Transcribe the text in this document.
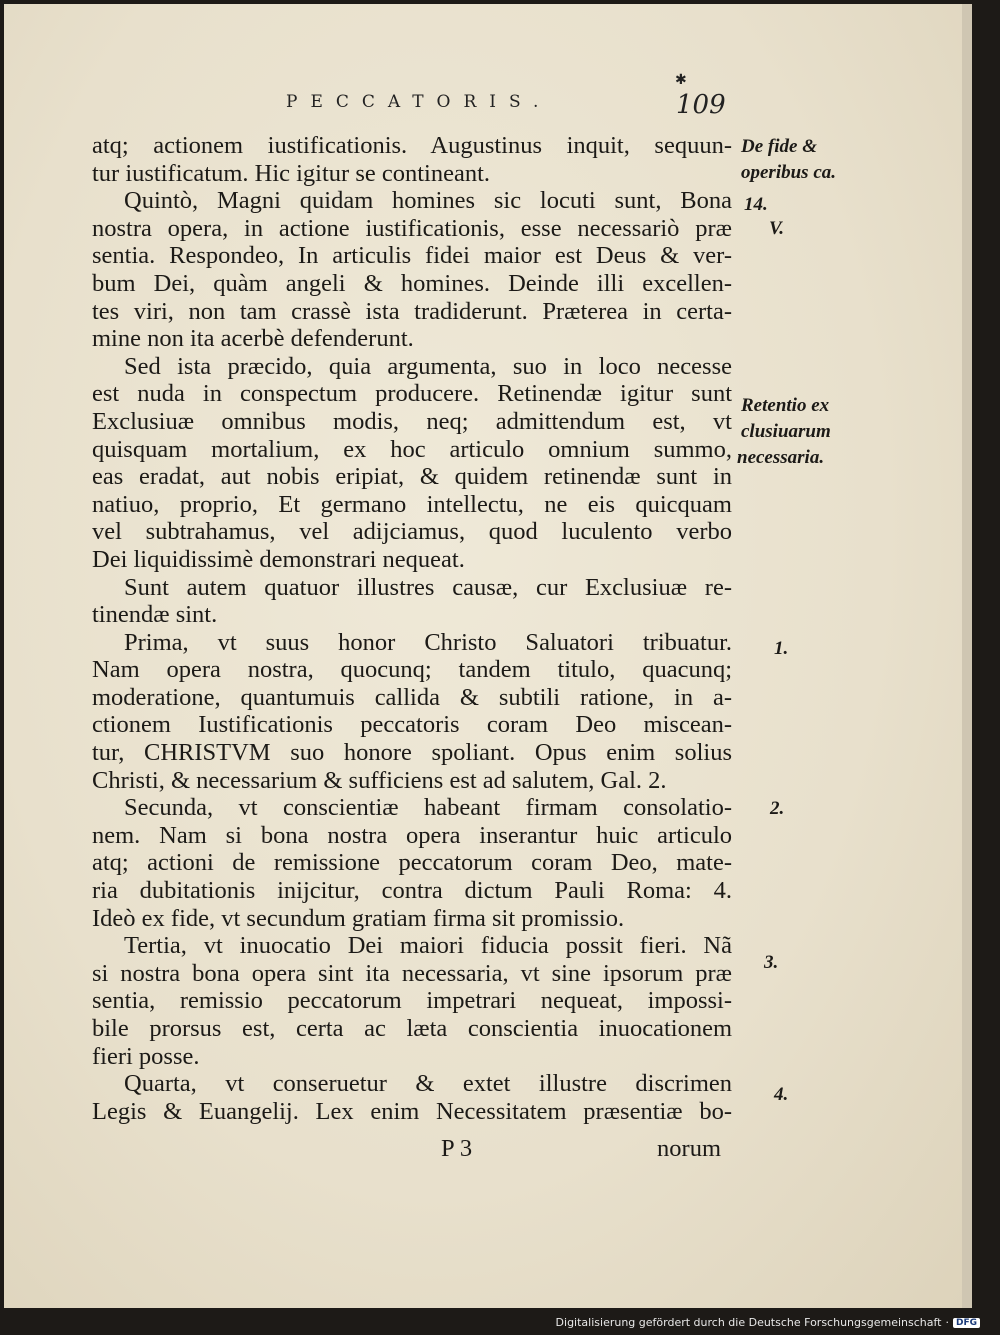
✱
PECCATORIS.	109
atq; actionem iustificationis. Augustinus inquit, sequun-
tur iustificatum. Hic igitur se contineant.
Quintò, Magni quidam homines sic locuti sunt, Bona
nostra opera, in actione iustificationis, esse necessariò præ
sentia. Respondeo, In articulis fidei maior est Deus & ver-
bum Dei, quàm angeli & homines. Deinde illi excellen-
tes viri, non tam crassè ista tradiderunt. Præterea in certa-
mine non ita acerbè defenderunt.
Sed ista præcido, quia argumenta, suo in loco necesse
est nuda in conspectum producere. Retinendæ igitur sunt
Exclusiuæ omnibus modis, neq; admittendum est, vt
quisquam mortalium, ex hoc articulo omnium summo,
eas eradat, aut nobis eripiat, & quidem retinendæ sunt in
natiuo, proprio, Et germano intellectu, ne eis quicquam
vel subtrahamus, vel adijciamus, quod luculento verbo
Dei liquidissimè demonstrari nequeat.
Sunt autem quatuor illustres causæ, cur Exclusiuæ re-
tinendæ sint.
Prima, vt suus honor Christo Saluatori tribuatur.
Nam opera nostra, quocunq; tandem titulo, quacunq;
moderatione, quantumuis callida & subtili ratione, in a-
ctionem Iustificationis peccatoris coram Deo miscean-
tur, CHRISTVM suo honore spoliant. Opus enim solius
Christi, & necessarium & sufficiens est ad salutem, Gal. 2.
Secunda, vt conscientiæ habeant firmam consolatio-
nem. Nam si bona nostra opera inserantur huic articulo
atq; actioni de remissione peccatorum coram Deo, mate-
ria dubitationis inijcitur, contra dictum Pauli Roma: 4.
Ideò ex fide, vt secundum gratiam firma sit promissio.
Tertia, vt inuocatio Dei maiori fiducia possit fieri. Nã
si nostra bona opera sint ita necessaria, vt sine ipsorum præ
sentia, remissio peccatorum impetrari nequeat, impossi-
bile prorsus est, certa ac læta conscientia inuocationem
fieri posse.
Quarta, vt conseruetur & extet illustre discrimen
Legis & Euangelij. Lex enim Necessitatem præsentiæ bo-
De fide &
operibus ca.
14.
V.
Retentio ex
clusiuarum
necessaria.
1.
2.
3.
4.
P 3	norum
Digitalisierung gefördert durch die Deutsche Forschungsgemeinschaft · DFG
